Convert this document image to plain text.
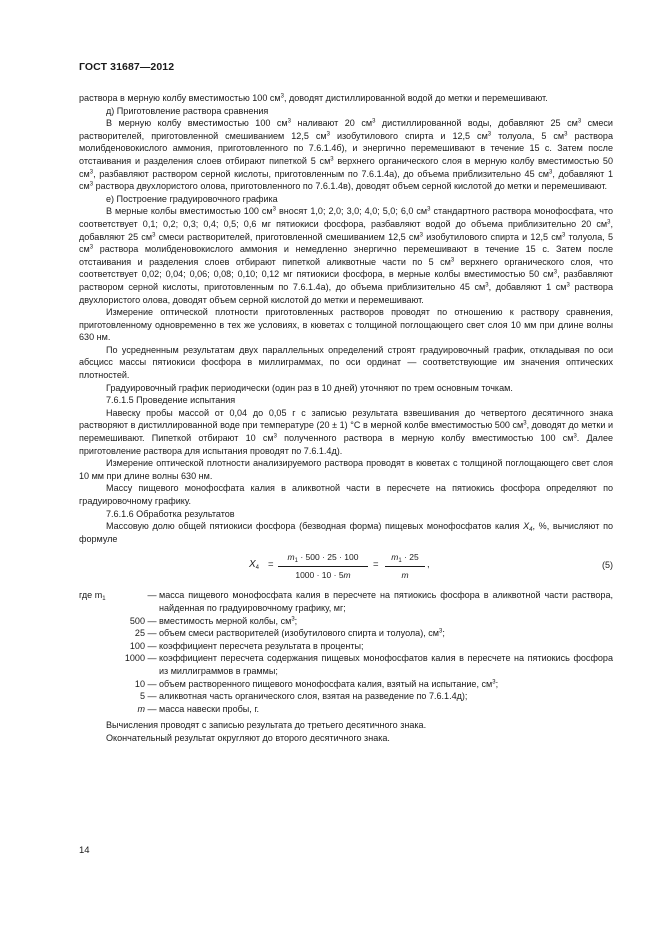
ГОСТ 31687—2012

раствора в мерную колбу вместимостью 100 $см^3$, доводят дистиллированной водой до метки и перемешивают.

д) Приготовление раствора сравнения

В мерную колбу вместимостью 100 $см^3$ наливают 20 $см^3$ дистиллированной воды, добавляют 25 $см^3$ смеси растворителей, приготовленной смешиванием 12,5 $см^3$ изобутилового спирта и 12,5 $см^3$ толуола, 5 $см^3$ раствора молибденовокислого аммония, приготовленного по 7.6.1.4б), и энергично перемешивают в течение 15 с. Затем после отстаивания и разделения слоев отбирают пипеткой 5 $см^3$ верхнего органического слоя в мерную колбу вместимостью 50 $см^3$, разбавляют раствором серной кислоты, приготовленным по 7.6.1.4а), до объема приблизительно 45 $см^3$, добавляют 1 $см^3$ раствора двухлористого олова, приготовленного по 7.6.1.4в), доводят объем серной кислотой до метки и перемешивают.

е) Построение градуировочного графика

В мерные колбы вместимостью 100 $см^3$ вносят 1,0; 2,0; 3,0; 4,0; 5,0; 6,0 $см^3$ стандартного раствора монофосфата, что соответствует 0,1; 0,2; 0,3; 0,4; 0,5; 0,6 мг пятиокиси фосфора, разбавляют водой до объема приблизительно 20 $см^3$, добавляют 25 $см^3$ смеси растворителей, приготовленной смешиванием 12,5 $см^3$ изобутилового спирта и 12,5 $см^3$ толуола, 5 $см^3$ раствора молибденовокислого аммония и немедленно энергично перемешивают в течение 15 с. Затем после отстаивания и разделения слоев отбирают пипеткой аликвотные части по 5 $см^3$ верхнего органического слоя, что соответствует 0,02; 0,04; 0,06; 0,08; 0,10; 0,12 мг пятиокиси фосфора, в мерные колбы вместимостью 50 $см^3$, разбавляют раствором серной кислоты, приготовленным по 7.6.1.4а), до объема приблизительно 45 $см^3$, добавляют 1 $см^3$ раствора двухлористого олова, доводят объем серной кислотой до метки и перемешивают.

Измерение оптической плотности приготовленных растворов проводят по отношению к раствору сравнения, приготовленному одновременно в тех же условиях, в кюветах с толщиной поглощающего свет слоя 10 мм при длине волны 630 нм.

По усредненным результатам двух параллельных определений строят градуировочный график, откладывая по оси абсцисс массы пятиокиси фосфора в миллиграммах, по оси ординат — соответствующие им значения оптических плотностей.

Градуировочный график периодически (один раз в 10 дней) уточняют по трем основным точкам.

7.6.1.5 Проведение испытания

Навеску пробы массой от 0,04 до 0,05 г с записью результата взвешивания до четвертого десятичного знака растворяют в дистиллированной воде при температуре (20 ± 1) °С в мерной колбе вместимостью 500 $см^3$, доводят до метки и перемешивают. Пипеткой отбирают 10 $см^3$ полученного раствора в мерную колбу вместимостью 100 $см^3$. Далее приготовление раствора для испытания проводят по 7.6.1.4д).

Измерение оптической плотности анализируемого раствора проводят в кюветах с толщиной поглощающего свет слоя 10 мм при длине волны 630 нм.

Массу пищевого монофосфата калия в аликвотной части в пересчете на пятиокись фосфора определяют по градуировочному графику.

7.6.1.6 Обработка результатов

Массовую долю общей пятиокиси фосфора (безводная форма) пищевых монофосфатов калия $X_4$, %, вычисляют по формуле

$X_4 = \frac{m_1 \cdot 500 \cdot 25 \cdot 100}{1000 \cdot 10 \cdot 5m} = \frac{m_1 \cdot 25}{m}$ ,	(5)
где $m_1$	— масса пищевого монофосфата калия в пересчете на пятиокись фосфора в аликвотной части раствора, найденная по градуировочному графику, мг;
500 — вместимость мерной колбы, $см^3$;
25 — объем смеси растворителей (изобутилового спирта и толуола), $см^3$;
100 — коэффициент пересчета результата в проценты;
1000 — коэффициент пересчета содержания пищевых монофосфатов калия в пересчете на пятиокись фосфора из миллиграммов в граммы;
10 — объем растворенного пищевого монофосфата калия, взятый на испытание, $см^3$;
5 — аликвотная часть органического слоя, взятая на разведение по 7.6.1.4д);
m — масса навески пробы, г.

Вычисления проводят с записью результата до третьего десятичного знака.

Окончательный результат округляют до второго десятичного знака.

14
